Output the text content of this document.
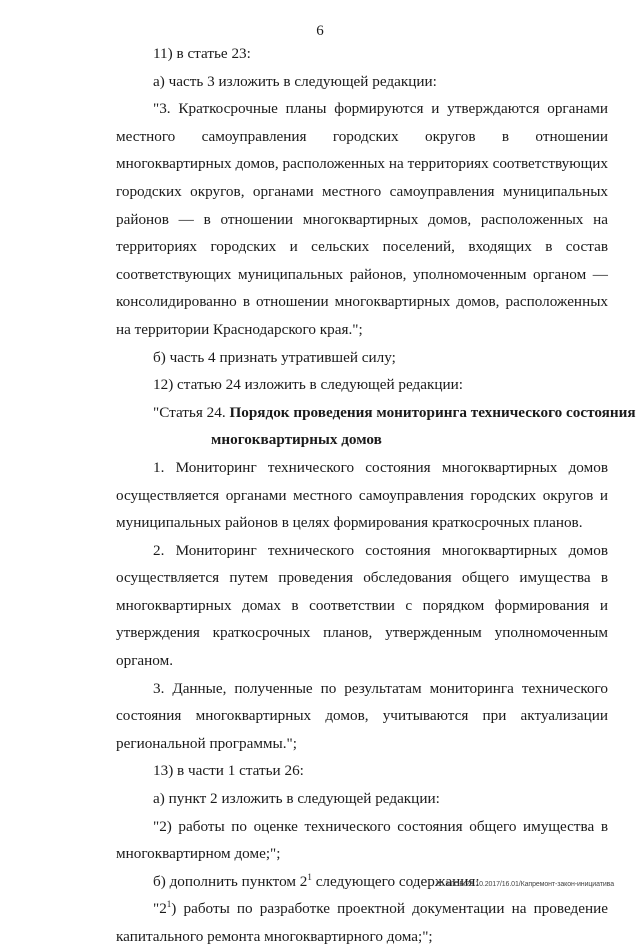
6

11) в статье 23:

а) часть 3 изложить в следующей редакции:

"3. Краткосрочные планы формируются и утверждаются органами местного самоуправления городских округов в отношении многоквартирных домов, расположенных на территориях соответствующих городских округов, органами местного самоуправления муниципальных районов — в отношении многоквартирных домов, расположенных на территориях городских и сельских поселений, входящих в состав соответствующих муниципальных районов, уполномоченным органом — консолидированно в отношении многоквартирных домов, расположенных на территории Краснодарского края.";

б) часть 4 признать утратившей силу;

12) статью 24 изложить в следующей редакции:

"Статья 24. Порядок проведения мониторинга технического состояния

многоквартирных домов

1. Мониторинг технического состояния многоквартирных домов осуществляется органами местного самоуправления городских округов и муниципальных районов в целях формирования краткосрочных планов.

2. Мониторинг технического состояния многоквартирных домов осуществляется путем проведения обследования общего имущества в многоквартирных домах в соответствии с порядком формирования и утверждения краткосрочных планов, утвержденным уполномоченным органом.

3. Данные, полученные по результатам мониторинга технического состояния многоквартирных домов, учитываются при актуализации региональной программы.";

13) в части 1 статьи 26:

а) пункт 2 изложить в следующей редакции:

"2) работы по оценке технического состояния общего имущества в многоквартирном доме;";

б) дополнить пунктом $2^1$ следующего содержания:

"$2^1$) работы по разработке проектной документации на проведение капитального ремонта многоквартирного дома;";

20.3/ГОБ/26.10.2017/16.01/Капремонт-закон-инициатива
